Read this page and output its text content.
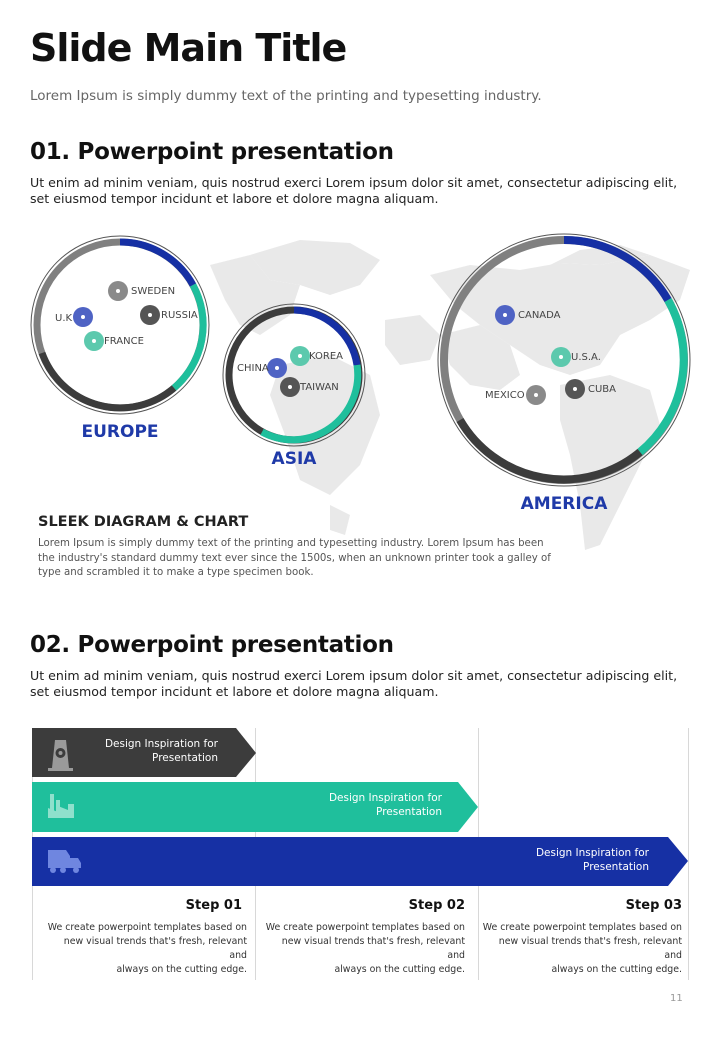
Slide Main Title
Lorem Ipsum is simply dummy text of the printing and typesetting industry.
01. Powerpoint presentation
Ut enim ad minim veniam, quis nostrud exerci Lorem ipsum dolor sit amet, consectetur adipiscing elit, set eiusmod tempor incidunt et labore et dolore magna aliquam.
SWEDEN
RUSSIA
U.K
FRANCE
EUROPE
KOREA
CHINA
TAIWAN
ASIA
CANADA
U.S.A.
MEXICO
CUBA
AMERICA
SLEEK DIAGRAM & CHART
Lorem Ipsum is simply dummy text of the printing and typesetting industry. Lorem Ipsum has been the industry's standard dummy text ever since the 1500s, when an unknown printer took a galley of type and scrambled it to make a type specimen book.
02. Powerpoint presentation
Ut enim ad minim veniam, quis nostrud exerci Lorem ipsum dolor sit amet, consectetur adipiscing elit, set eiusmod tempor incidunt et labore et dolore magna aliquam.
Design Inspiration for
Presentation
Design Inspiration for
Presentation
Design Inspiration for
Presentation
Step 01
We create powerpoint templates based on
new visual trends that's fresh, relevant and
always on the cutting edge.
Step 02
We create powerpoint templates based on
new visual trends that's fresh, relevant and
always on the cutting edge.
Step 03
We create powerpoint templates based on
new visual trends that's fresh, relevant and
always on the cutting edge.
11
